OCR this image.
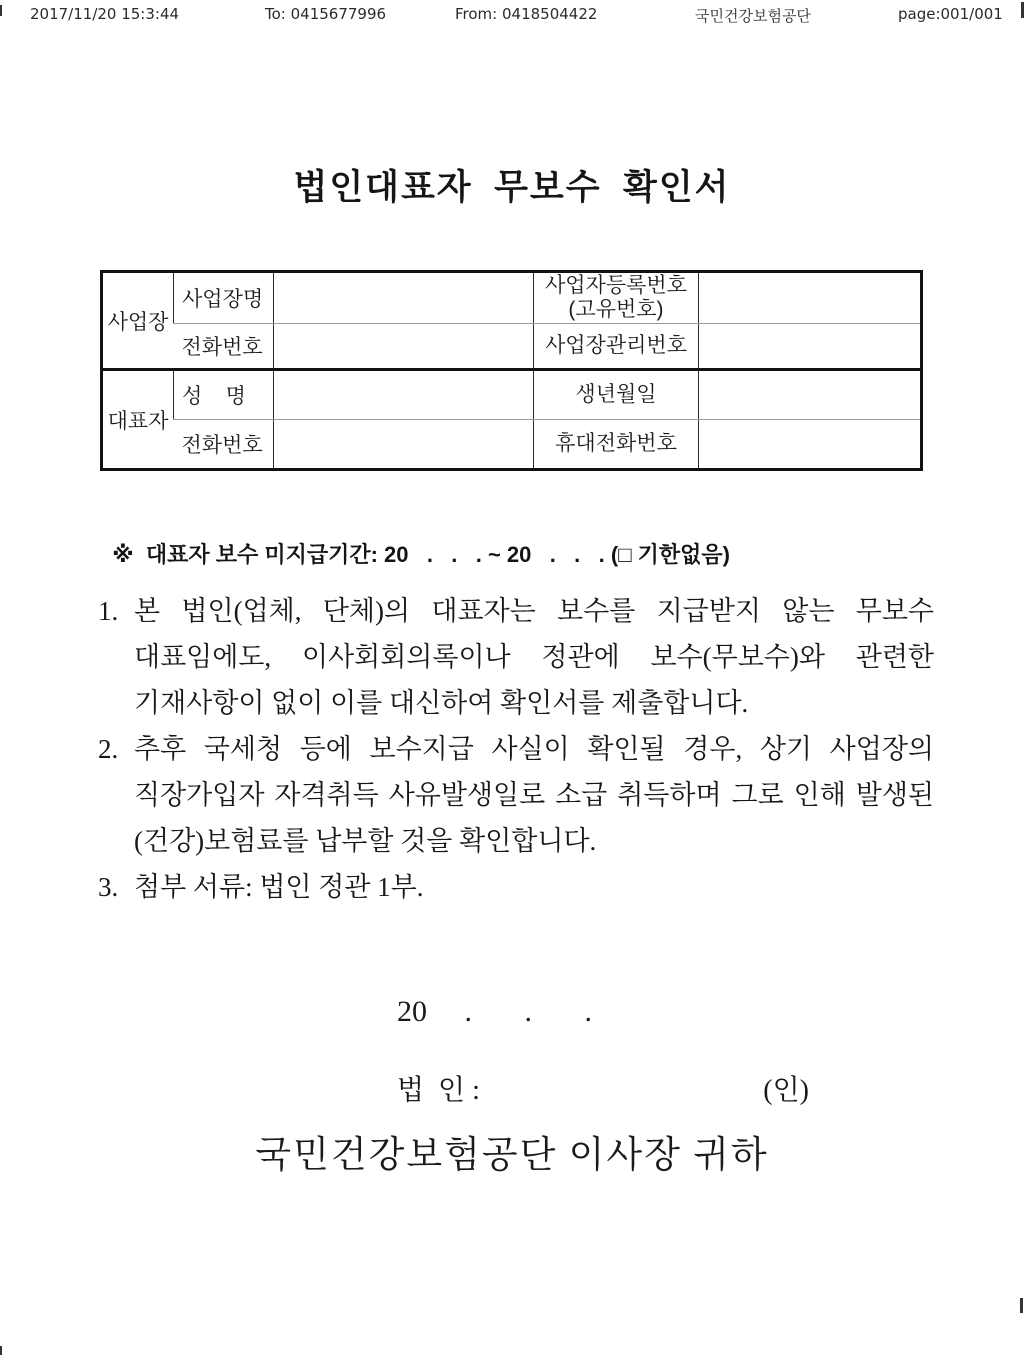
2017/11/20 15:3:44

	To: 0415677996

	From: 0418504422

	국민건강보험공단

	page:001/001

법인대표자  무보수  확인서
사업장	사업장명		사업자등록번호
(고유번호)	

	전화번호		사업장관리번호	
대표자	성    명		생년월일	
	전화번호		휴대전화번호	

※  대표자 보수 미지급기간: 20   .   .   . ~ 20   .   .   . (□ 기한없음)

1. 본 법인(업체, 단체)의 대표자는 보수를 지급받지 않는 무보수 대표임에도, 이사회회의록이나 정관에 보수(무보수)와 관련한 기재사항이 없이 이를 대신하여 확인서를 제출합니다.
2. 추후 국세청 등에 보수지급 사실이 확인될 경우, 상기 사업장의 직장가입자 자격취득 사유발생일로 소급 취득하며 그로 인해 발생된 (건강)보험료를 납부할 것을 확인합니다.
3. 첨부 서류: 법인 정관 1부.
20     .       .       .
법  인 :	(인)
국민건강보험공단 이사장 귀하
